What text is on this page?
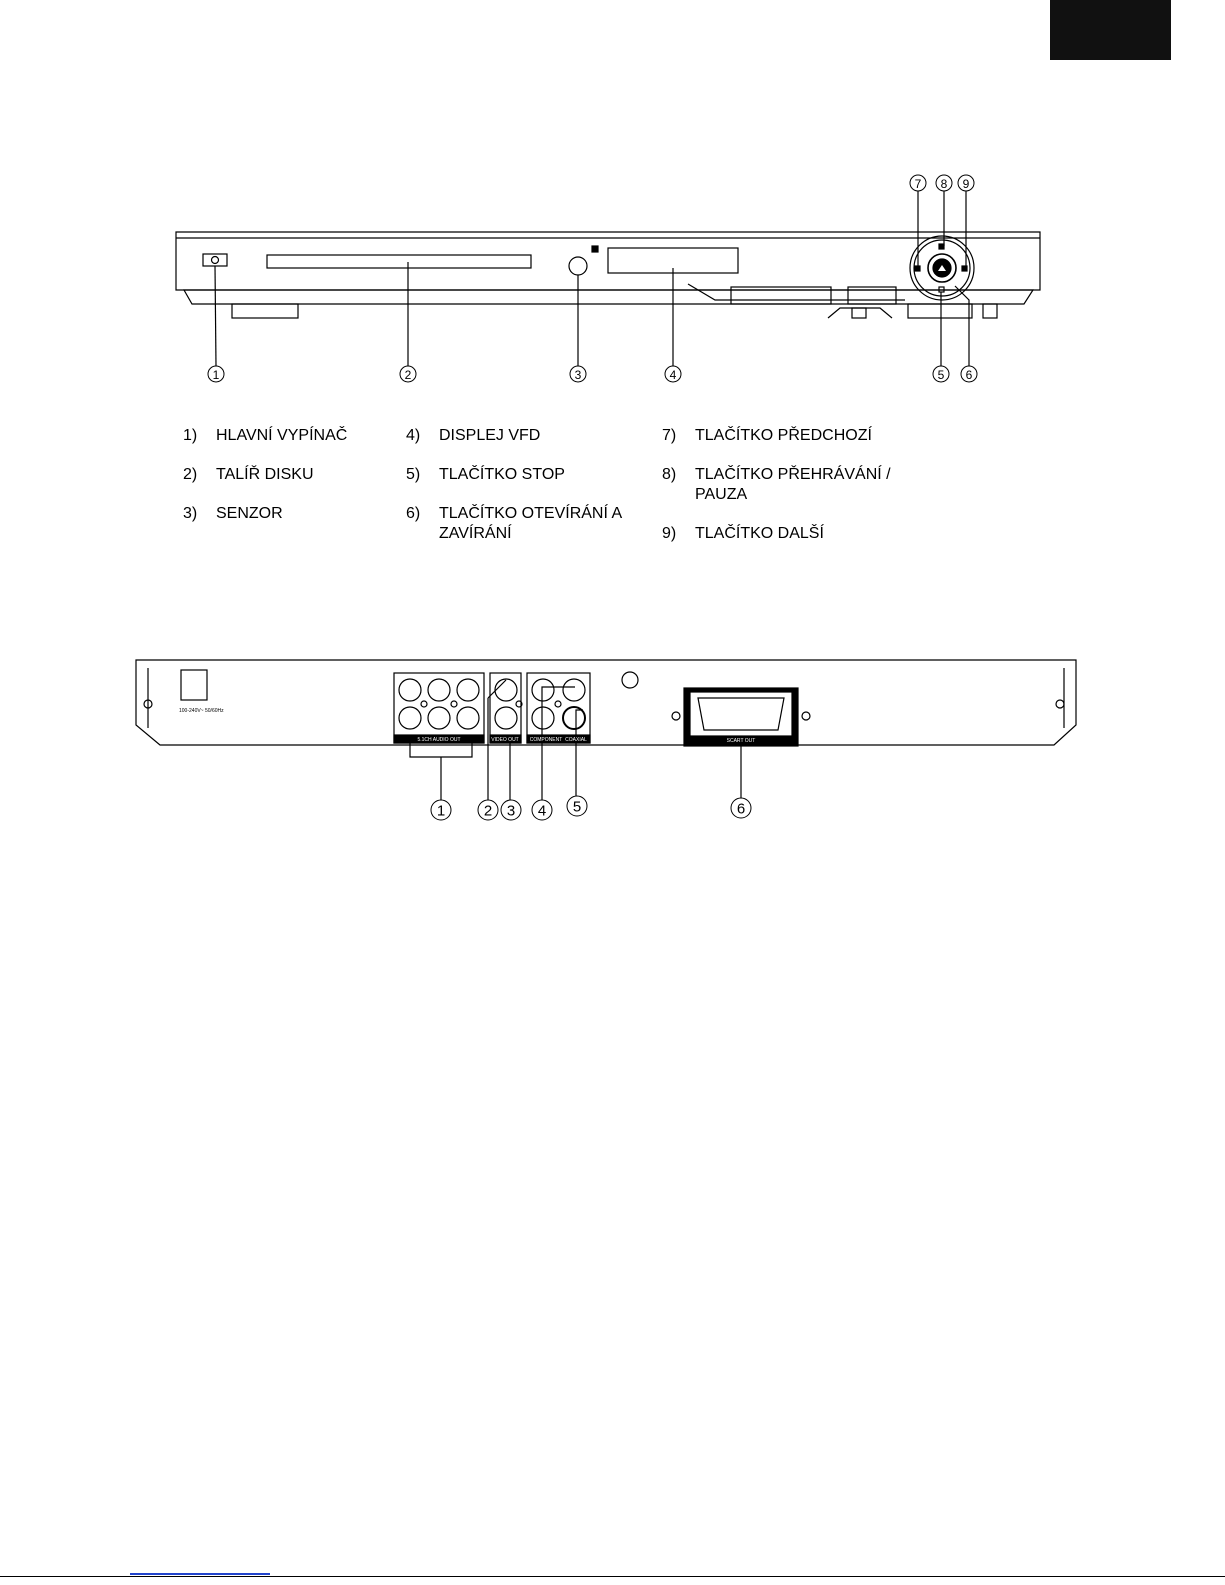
1	2	3	4	5 6
7 8 9
1	2 3 4 5	6
100-240V~ 50/60Hz
5.1CH AUDIO OUT	VIDEO OUT COMPONENT COAXIAL	SCART OUT
1) HLAVNÍ VYPÍNAČ
2) TALÍŘ DISKU
3) SENZOR
4) DISPLEJ VFD
5) TLAČÍTKO STOP
6) TLAČÍTKO OTEVÍRÁNÍ A ZAVÍRÁNÍ
7) TLAČÍTKO PŘEDCHOZÍ
8) TLAČÍTKO PŘEHRÁVÁNÍ / PAUZA
9) TLAČÍTKO DALŠÍ
